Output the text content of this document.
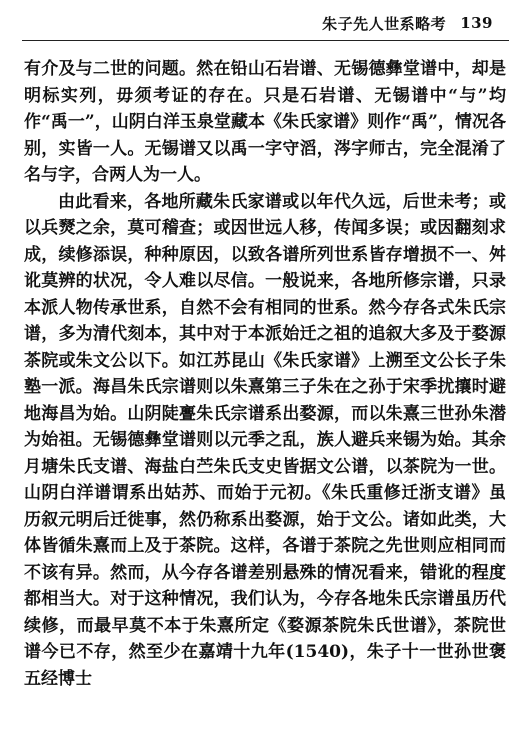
朱子先人世系略考 139

有介及与二世的问题。然在铅山石岩谱、无锡德彝堂谱中，却是明标实列，毋须考证的存在。只是石岩谱、无锡谱中“与”均作“禹一”，山阴白洋玉泉堂藏本《朱氏家谱》则作“禹”，情况各别，实皆一人。无锡谱又以禹一字守滔，涔字师古，完全混淆了名与字，合两人为一人。

由此看来，各地所藏朱氏家谱或以年代久远，后世未考；或以兵燹之余，莫可稽查；或因世远人移，传闻多误；或因翻刻求成，续修添误，种种原因，以致各谱所列世系皆存增损不一、舛讹莫辨的状况，令人难以尽信。一般说来，各地所修宗谱，只录本派人物传承世系，自然不会有相同的世系。然今存各式朱氏宗谱，多为清代刻本，其中对于本派始迁之祖的追叙大多及于婺源茶院或朱文公以下。如江苏昆山《朱氏家谱》上溯至文公长子朱塾一派。海昌朱氏宗谱则以朱熹第三子朱在之孙于宋季扰攘时避地海昌为始。山阴陡亹朱氏宗谱系出婺源，而以朱熹三世孙朱潜为始祖。无锡德彝堂谱则以元季之乱，族人避兵来锡为始。其余月塘朱氏支谱、海盐白苎朱氏支史皆据文公谱，以茶院为一世。山阴白洋谱谓系出姑苏、而始于元初。《朱氏重修迁浙支谱》虽历叙元明后迁徙事，然仍称系出婺源，始于文公。诸如此类，大体皆循朱熹而上及于茶院。这样，各谱于茶院之先世则应相同而不该有异。然而，从今存各谱差别悬殊的情况看来，错讹的程度都相当大。对于这种情况，我们认为，今存各地朱氏宗谱虽历代续修，而最早莫不本于朱熹所定《婺源茶院朱氏世谱》，茶院世谱今已不存，然至少在嘉靖十九年(1540)，朱子十一世孙世褒五经博士
